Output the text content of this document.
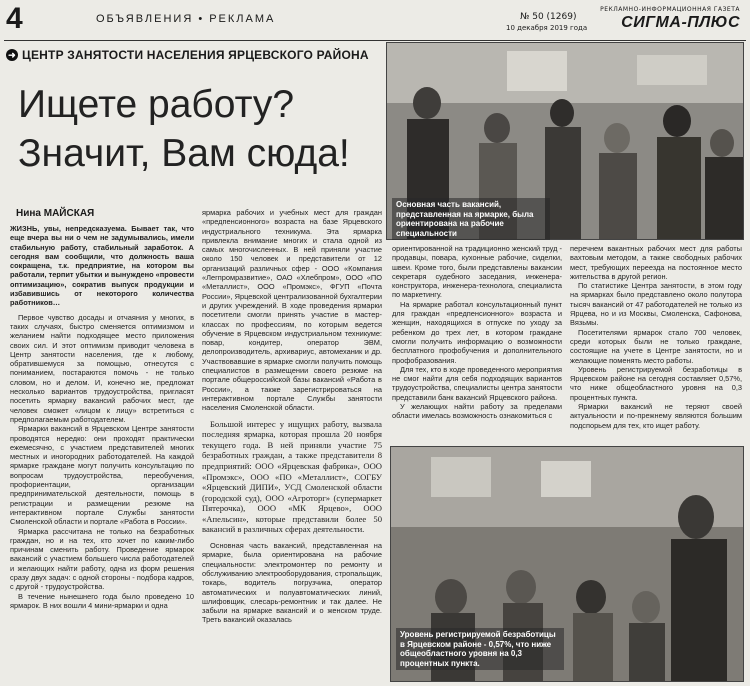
4	ОБЪЯВЛЕНИЯ • РЕКЛАМА	№ 50 (1269)
10 декабря 2019 года
РЕКЛАМНО-ИНФОРМАЦИОННАЯ ГАЗЕТА
СИГМА-ПЛЮС
➜ ЦЕНТР ЗАНЯТОСТИ НАСЕЛЕНИЯ ЯРЦЕВСКОГО РАЙОНА
Ищете работу?
Значит, Вам сюда!
Нина МАЙСКАЯ
Основная часть вакансий, представленная на ярмарке, была ориентирована на рабочие специальности

ЖИЗНЬ, увы, непредсказуема. Бывает так, что еще вчера вы ни о чем не задумывались, имели стабильную работу, стабильный заработок. А сегодня вам сообщили, что должность ваша сокращена, т.к. предприятие, на котором вы работали, терпит убытки и вынуждено «провести оптимизацию», сократив выпуск продукции и избавившись от некоторого количества работников…

Первое чувство досады и отчаяния у многих, в таких случаях, быстро сменяется оптимизмом и желанием найти подходящее место приложения своих сил. И этот оптимизм приводит человека в Центр занятости населения, где к любому, обратившемуся за помощью, отнесутся с пониманием, постараются помочь - не только словом, но и делом. И, конечно же, предложат несколько вариантов трудоустройства, пригласят посетить ярмарку вакансий рабочих мест, где человек сможет «лицом к лицу» встретиться с предполагаемым работодателем.

Ярмарки вакансий в Ярцевском Центре занятости проводятся нередко: они проходят практически ежемесячно, с участием представителей многих местных и иногородних работодателей. На каждой ярмарке граждане могут получить консультацию по вопросам трудоустройства, переобучения, профориентации, организации предпринимательской деятельности, помощь в регистрации и размещении резюме на интерактивном портале Службы занятости Смоленской области и портале «Работа в России».

Ярмарка рассчитана не только на безработных граждан, но и на тех, кто хочет по каким-либо причинам сменить работу. Проведение ярмарок вакансий с участием большего числа работодателей и желающих найти работу, одна из форм решения сразу двух задач: с одной стороны - подбора кадров, с другой - трудоустройства.

В течение нынешнего года было проведено 10 ярмарок. В них вошли 4 мини-ярмарки и одна

ярмарка рабочих и учебных мест для граждан «предпенсионного» возраста на базе Ярцевского индустриального техникума. Эта ярмарка привлекла внимание многих и стала одной из самых многочисленных. В ней приняли участие около 150 человек и представители от 12 организаций различных сфер - ООО «Компания «Легпромразвитие», ОАО «Хлебпром», ООО «ПО «Металлист», ООО «Промэкс», ФГУП «Почта России», Ярцевской централизованной бухгалтерии и других учреждений. В ходе проведения ярмарки посетители смогли принять участие в мастер-классах по профессиям, по которым ведется обучение в Ярцевском индустриальном техникуме: повар, кондитер, оператор ЭВМ, делопроизводитель, архивариус, автомеханик и др. Участвовавшие в ярмарке смогли получить помощь специалистов в размещении своего резюме на портале общероссийской базы вакансий «Работа в России», а также зарегистрироваться на интерактивном портале Службы занятости населения Смоленской области.

Большой интерес у ищущих работу, вызвала последняя ярмарка, которая прошла 20 ноября текущего года. В ней приняли участие 75 безработных граждан, а также представители 8 предприятий: ООО «Ярцевская фабрика», ООО «Промэкс», ООО «ПО «Металлист», СОГБУ «Ярцевский ДИПИ», УСД Смоленской области (городской суд), ООО «Агроторг» (супермаркет Пятерочка), ООО «МК Ярцево», ООО «Апельсин», которые представили более 50 вакансий в различных сферах деятельности.

Основная часть вакансий, представленная на ярмарке, была ориентирована на рабочие специальности: электромонтер по ремонту и обслуживанию электрооборудования, стропальщик, токарь, водитель погрузчика, оператор автоматических и полуавтоматических линий, шлифовщик, слесарь-ремонтник и так далее. Не забыли на ярмарке вакансий и о женском труде. Треть вакансий оказалась

ориентированной на традиционно женский труд - продавцы, повара, кухонные рабочие, сиделки, швеи. Кроме того, были представлены вакансии секретаря судебного заседания, инженера-конструктора, инженера-технолога, специалиста по маркетингу.

На ярмарке работал консультационный пункт для граждан «предпенсионного» возраста и женщин, находящихся в отпуске по уходу за ребенком до трех лет, в котором граждане смогли получить информацию о возможности бесплатного профобучения и дополнительного профобразования.

Для тех, кто в ходе проведенного мероприятия не смог найти для себя подходящих вариантов трудоустройства, специалисты центра занятости представили банк вакансий Ярцевского района.

У желающих найти работу за пределами области имелась возможность ознакомиться с

перечнем вакантных рабочих мест для работы вахтовым методом, а также свободных рабочих мест, требующих переезда на постоянное место жительства в другой регион.

По статистике Центра занятости, в этом году на ярмарках было представлено около полутора тысяч вакансий от 47 работодателей не только из Ярцева, но и из Москвы, Смоленска, Сафонова, Вязьмы.

Посетителями ярмарок стало 700 человек, среди которых были не только граждане, состоящие на учете в Центре занятости, но и желающие поменять место работы.

Уровень регистрируемой безработицы в Ярцевском районе на сегодня составляет 0,57%, что ниже общеобластного уровня на 0,3 процентных пункта.

Ярмарки вакансий не теряют своей актуальности и по-прежнему являются большим подспорьем для тех, кто ищет работу.

Уровень регистрируемой безработицы в Ярцевском районе - 0,57%, что ниже общеобластного уровня на 0,3 процентных пункта.
